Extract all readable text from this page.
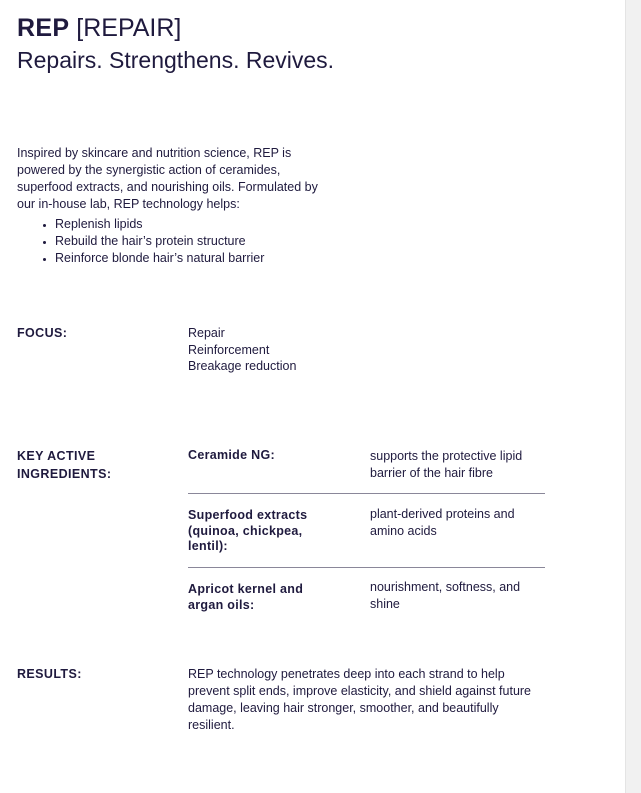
REP [REPAIR]
Repairs. Strengthens. Revives.

Inspired by skincare and nutrition science, REP is powered by the synergistic action of ceramides, superfood extracts, and nourishing oils. Formulated by our in-house lab, REP technology helps:

Replenish lipids
Rebuild the hair’s protein structure
Reinforce blonde hair’s natural barrier
FOCUS:	Repair
Reinforcement
Breakage reduction
KEY ACTIVE INGREDIENTS:
Ceramide NG:	supports the protective lipid barrier of the hair fibre
Superfood extracts (quinoa, chickpea, lentil):
plant-derived proteins and amino acids
Apricot kernel and argan oils:
nourishment, softness, and shine
RESULTS:	REP technology penetrates deep into each strand to help prevent split ends, improve elasticity, and shield against future damage, leaving hair stronger, smoother, and beautifully resilient.
